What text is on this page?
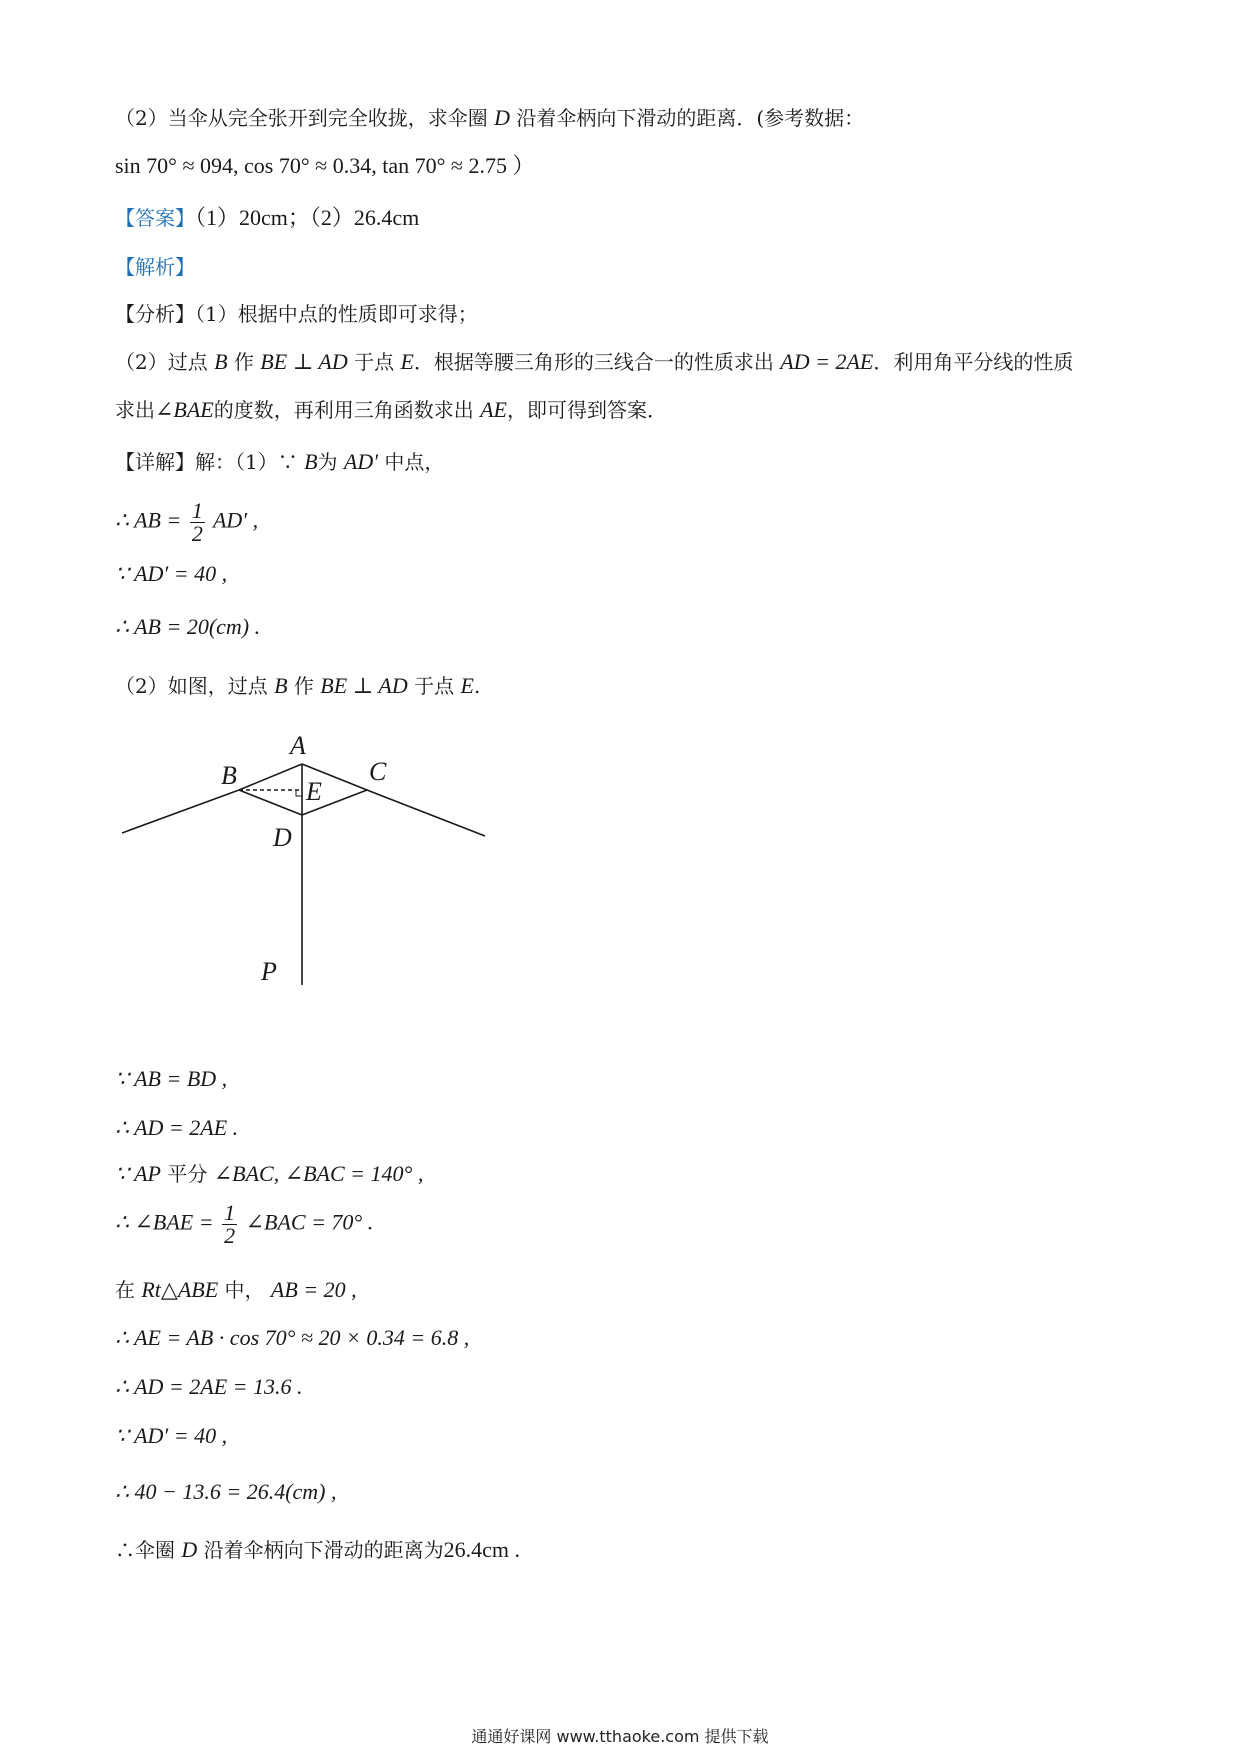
（2）当伞从完全张开到完全收拢，求伞圈 D 沿着伞柄向下滑动的距离．(参考数据：
sin 70° ≈ 094, cos 70° ≈ 0.34, tan 70° ≈ 2.75 ）
【答案】（1）20cm；（2）26.4cm
【解析】
【分析】（1）根据中点的性质即可求得；
（2）过点 B 作 BE ⊥ AD 于点 E．根据等腰三角形的三线合一的性质求出 AD = 2AE．利用角平分线的性质
求出∠BAE的度数，再利用三角函数求出 AE，即可得到答案．
【详解】解：（1）∵ B为 AD′ 中点，
∴ AB = $\frac{1}{2} AD'$ ,
∵ AD′ = 40 ,
∴ AB = 20(cm) .
（2）如图，过点 B 作 BE ⊥ AD 于点 E.
A
B	C
E
D
P
∵ AB = BD ,
∴ AD = 2AE .
∵ AP 平分 ∠BAC, ∠BAC = 140° ,
∴ ∠BAE = $\frac{1}{2}$ ∠BAC = 70° .
在 Rt△ABE 中， AB = 20 ,
∴ AE = AB · cos 70° ≈ 20 × 0.34 = 6.8 ,
∴ AD = 2AE = 13.6 .
∵ AD′ = 40 ,
∴ 40 − 13.6 = 26.4(cm) ,
∴伞圈 D 沿着伞柄向下滑动的距离为26.4cm .
通通好课网 www.tthaoke.com 提供下载
